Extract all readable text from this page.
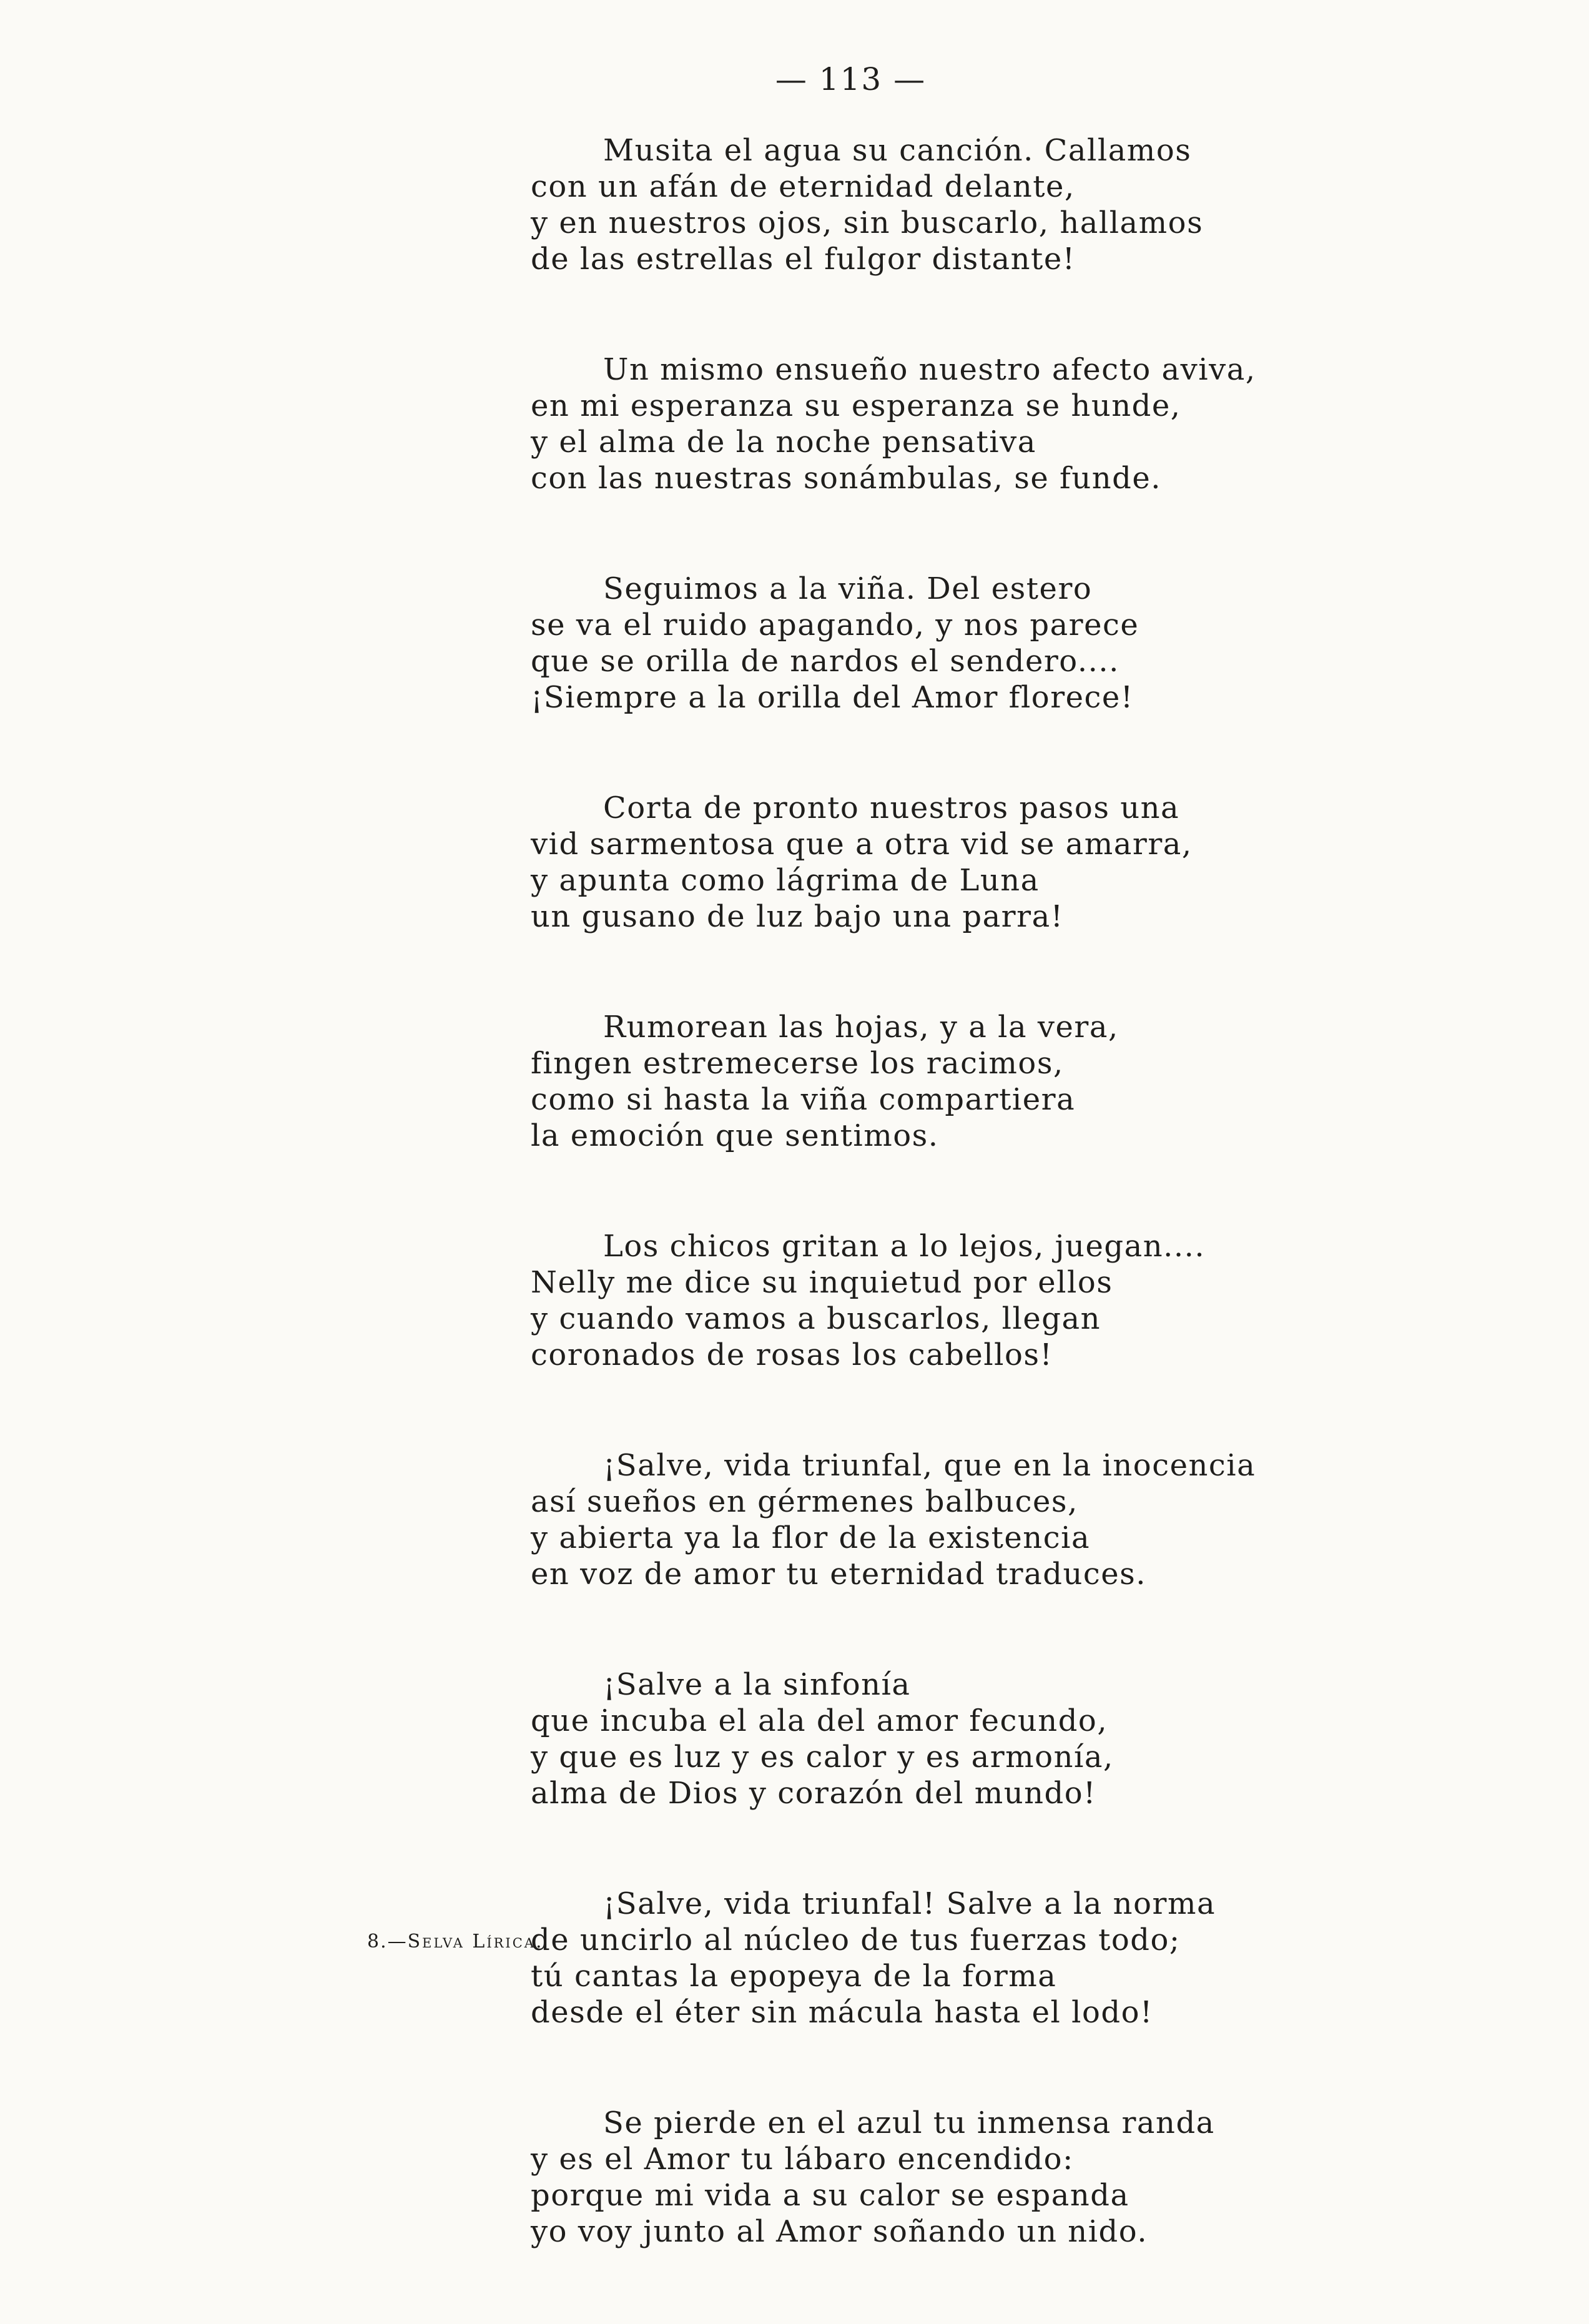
— 113 —
Musita el agua su canción. Callamos
con un afán de eternidad delante,
y en nuestros ojos, sin buscarlo, hallamos
de las estrellas el fulgor distante!
Un mismo ensueño nuestro afecto aviva,
en mi esperanza su esperanza se hunde,
y el alma de la noche pensativa
con las nuestras sonámbulas, se funde.
Seguimos a la viña. Del estero
se va el ruido apagando, y nos parece
que se orilla de nardos el sendero....
¡Siempre a la orilla del Amor florece!
Corta de pronto nuestros pasos una
vid sarmentosa que a otra vid se amarra,
y apunta como lágrima de Luna
un gusano de luz bajo una parra!
Rumorean las hojas, y a la vera,
fingen estremecerse los racimos,
como si hasta la viña compartiera
la emoción que sentimos.
Los chicos gritan a lo lejos, juegan....
Nelly me dice su inquietud por ellos
y cuando vamos a buscarlos, llegan
coronados de rosas los cabellos!
¡Salve, vida triunfal, que en la inocencia
así sueños en gérmenes balbuces,
y abierta ya la flor de la existencia
en voz de amor tu eternidad traduces.
¡Salve a la sinfonía
que incuba el ala del amor fecundo,
y que es luz y es calor y es armonía,
alma de Dios y corazón del mundo!
¡Salve, vida triunfal! Salve a la norma
de uncirlo al núcleo de tus fuerzas todo;
tú cantas la epopeya de la forma
desde el éter sin mácula hasta el lodo!
Se pierde en el azul tu inmensa randa
y es el Amor tu lábaro encendido:
porque mi vida a su calor se espanda
yo voy junto al Amor soñando un nido.
8.—Selva Lírica.
